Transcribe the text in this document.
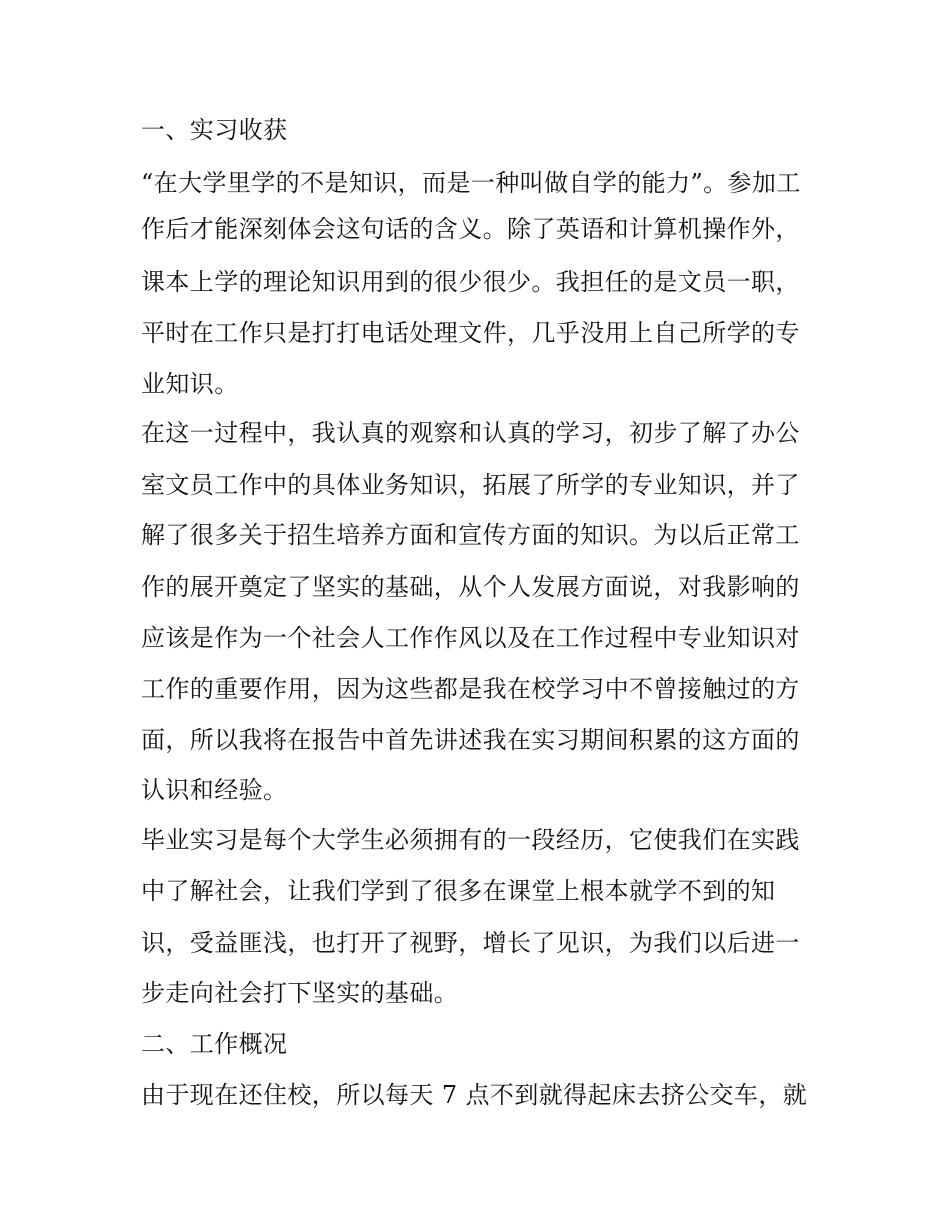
一、实习收获
“在大学里学的不是知识，而是一种叫做自学的能力”。参加工
作后才能深刻体会这句话的含义。除了英语和计算机操作外，
课本上学的理论知识用到的很少很少。我担任的是文员一职，
平时在工作只是打打电话处理文件，几乎没用上自己所学的专
业知识。
在这一过程中，我认真的观察和认真的学习，初步了解了办公
室文员工作中的具体业务知识，拓展了所学的专业知识，并了
解了很多关于招生培养方面和宣传方面的知识。为以后正常工
作的展开奠定了坚实的基础，从个人发展方面说，对我影响的
应该是作为一个社会人工作作风以及在工作过程中专业知识对
工作的重要作用，因为这些都是我在校学习中不曾接触过的方
面，所以我将在报告中首先讲述我在实习期间积累的这方面的
认识和经验。
毕业实习是每个大学生必须拥有的一段经历，它使我们在实践
中了解社会，让我们学到了很多在课堂上根本就学不到的知
识，受益匪浅，也打开了视野，增长了见识，为我们以后进一
步走向社会打下坚实的基础。
二、工作概况
由于现在还住校，所以每天 7 点不到就得起床去挤公交车，就
